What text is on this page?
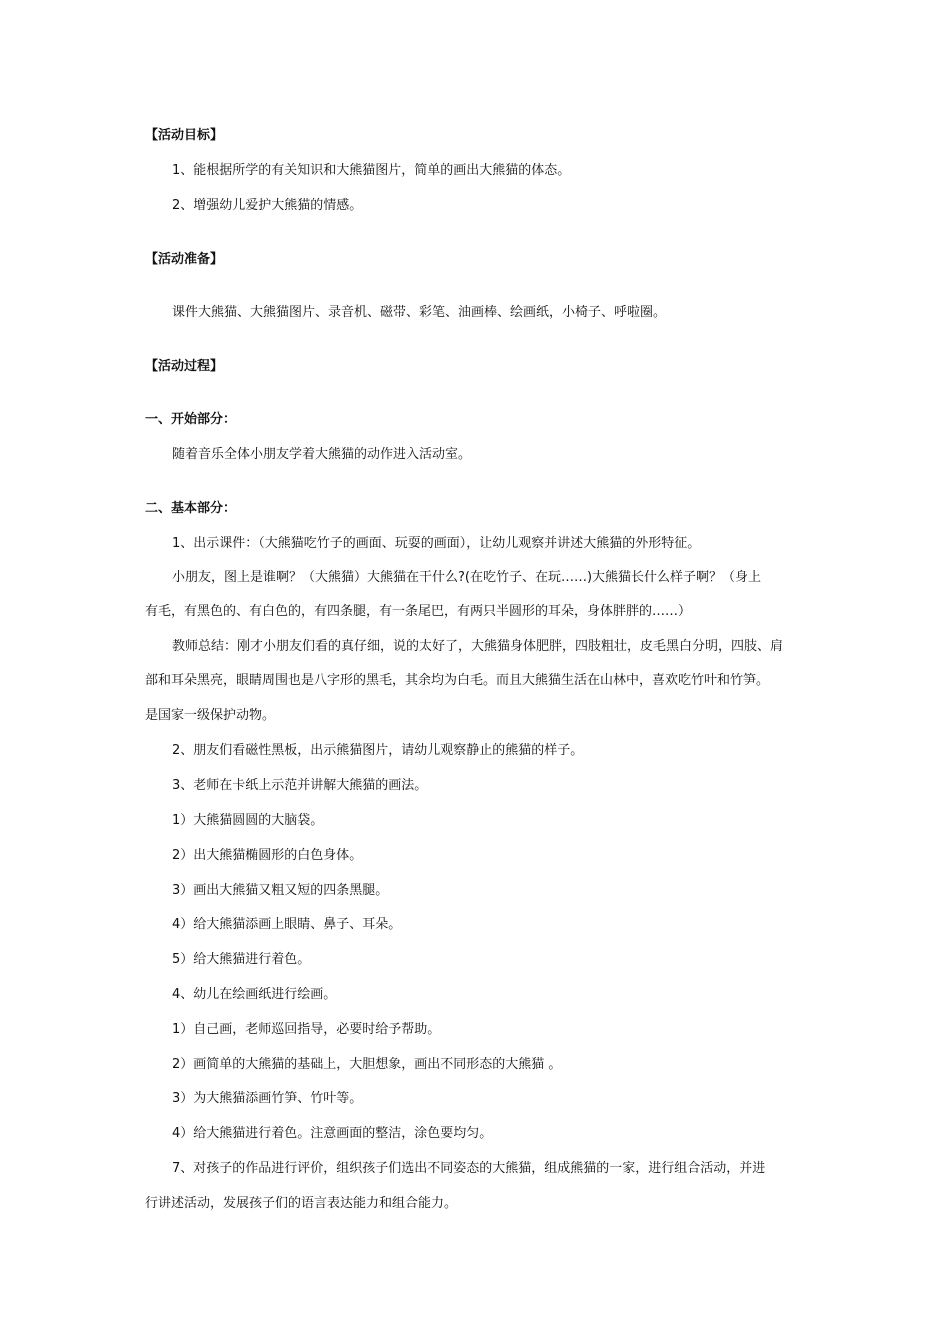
【活动目标】
1、能根据所学的有关知识和大熊猫图片，简单的画出大熊猫的体态。
2、增强幼儿爱护大熊猫的情感。
【活动准备】
课件大熊猫、大熊猫图片、录音机、磁带、彩笔、油画棒、绘画纸，小椅子、呼啦圈。
【活动过程】
一、开始部分：
随着音乐全体小朋友学着大熊猫的动作进入活动室。
二、基本部分：
1、出示课件：（大熊猫吃竹子的画面、玩耍的画面），让幼儿观察并讲述大熊猫的外形特征。
小朋友，图上是谁啊？（大熊猫）大熊猫在干什么?(在吃竹子、在玩……)大熊猫长什么样子啊？（身上
有毛，有黑色的、有白色的，有四条腿，有一条尾巴，有两只半圆形的耳朵，身体胖胖的……）
教师总结：刚才小朋友们看的真仔细，说的太好了，大熊猫身体肥胖，四肢粗壮，皮毛黑白分明，四肢、肩
部和耳朵黑亮，眼睛周围也是八字形的黑毛，其余均为白毛。而且大熊猫生活在山林中，喜欢吃竹叶和竹笋。
是国家一级保护动物。
2、朋友们看磁性黑板，出示熊猫图片，请幼儿观察静止的熊猫的样子。
3、老师在卡纸上示范并讲解大熊猫的画法。
1）大熊猫圆圆的大脑袋。
2）出大熊猫椭圆形的白色身体。
3）画出大熊猫又粗又短的四条黑腿。
4）给大熊猫添画上眼睛、鼻子、耳朵。
5）给大熊猫进行着色。
4、幼儿在绘画纸进行绘画。
1）自己画，老师巡回指导，必要时给予帮助。
2）画简单的大熊猫的基础上，大胆想象，画出不同形态的大熊猫 。
3）为大熊猫添画竹笋、竹叶等。
4）给大熊猫进行着色。注意画面的整洁，涂色要均匀。
7、对孩子的作品进行评价，组织孩子们选出不同姿态的大熊猫，组成熊猫的一家，进行组合活动，并进
行讲述活动，发展孩子们的语言表达能力和组合能力。
